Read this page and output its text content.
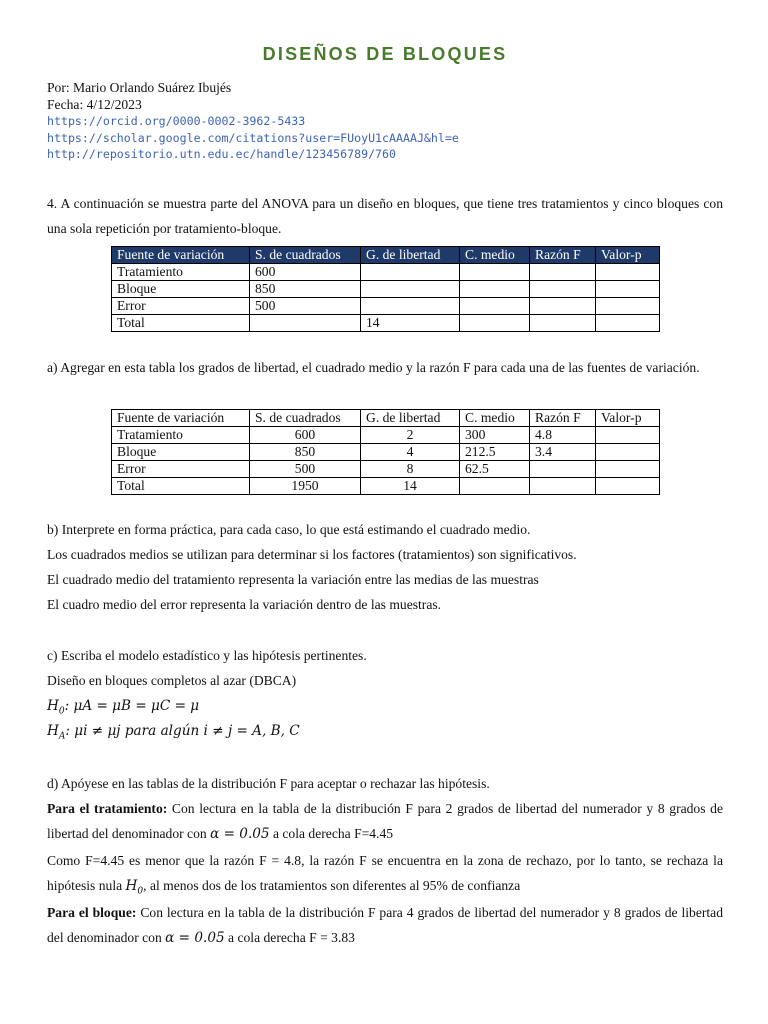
DISEÑOS DE BLOQUES
Por: Mario Orlando Suárez Ibujés
Fecha: 4/12/2023
https://orcid.org/0000-0002-3962-5433
https://scholar.google.com/citations?user=FUoyU1cAAAAJ&hl=e
http://repositorio.utn.edu.ec/handle/123456789/760
4. A continuación se muestra parte del ANOVA para un diseño en bloques, que tiene tres tratamientos y cinco bloques con una sola repetición por tratamiento-bloque.
Fuente de variación	S. de cuadrados	G. de libertad	C. medio	Razón F	Valor-p
Tratamiento	600				
Bloque	850				
Error	500				
Total		14			
a) Agregar en esta tabla los grados de libertad, el cuadrado medio y la razón F para cada una de las fuentes de variación.
Fuente de variación	S. de cuadrados	G. de libertad	C. medio	Razón F	Valor-p
Tratamiento	600	2	300	4.8	
Bloque	850	4	212.5	3.4	
Error	500	8	62.5		
Total	1950	14			
b) Interprete en forma práctica, para cada caso, lo que está estimando el cuadrado medio.
Los cuadrados medios se utilizan para determinar si los factores (tratamientos) son significativos.
El cuadrado medio del tratamiento representa la variación entre las medias de las muestras
El cuadro medio del error representa la variación dentro de las muestras.
c) Escriba el modelo estadístico y las hipótesis pertinentes.
Diseño en bloques completos al azar (DBCA)
$H_0$: μA = μB = μC = μ
$H_A$: μi ≠ μj para algún i ≠ j = A, B, C
d) Apóyese en las tablas de la distribución F para aceptar o rechazar las hipótesis.
Para el tratamiento: Con lectura en la tabla de la distribución F para 2 grados de libertad del numerador y 8 grados de libertad del denominador con α = 0.05 a cola derecha F=4.45
Como F=4.45 es menor que la razón F = 4.8, la razón F se encuentra en la zona de rechazo, por lo tanto, se rechaza la hipótesis nula $H_0$, al menos dos de los tratamientos son diferentes al 95% de confianza
Para el bloque: Con lectura en la tabla de la distribución F para 4 grados de libertad del numerador y 8 grados de libertad del denominador con α = 0.05 a cola derecha F = 3.83
